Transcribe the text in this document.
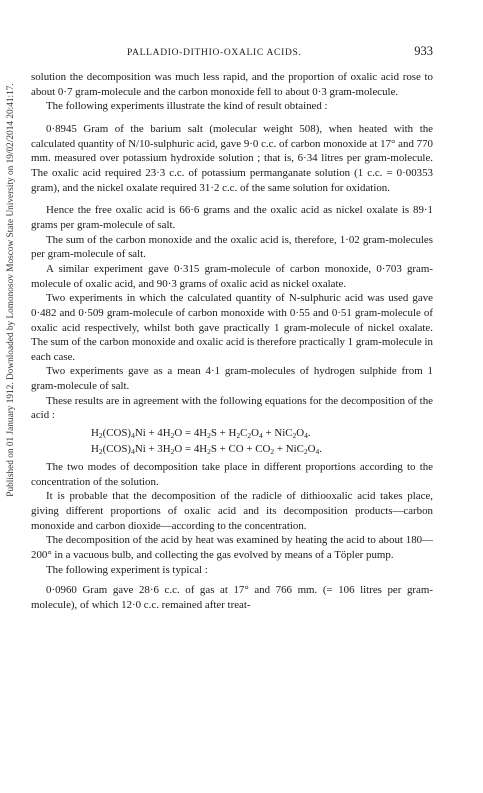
Published on 01 January 1912. Downloaded by Lomonosov Moscow State University on 19/02/2014 20:41:17.
PALLADIO-DITHIO-OXALIC ACIDS.	933

solution the decomposition was much less rapid, and the proportion of oxalic acid rose to about 0·7 gram-molecule and the carbon monoxide fell to about 0·3 gram-molecule.

The following experiments illustrate the kind of result obtained :

0·8945 Gram of the barium salt (molecular weight 508), when heated with the calculated quantity of N/10-sulphuric acid, gave 9·0 c.c. of carbon monoxide at 17° and 770 mm. measured over potassium hydroxide solution ; that is, 6·34 litres per gram-molecule. The oxalic acid required 23·3 c.c. of potassium permanganate solution (1 c.c. = 0·00353 gram), and the nickel oxalate required 31·2 c.c. of the same solution for oxidation.

Hence the free oxalic acid is 66·6 grams and the oxalic acid as nickel oxalate is 89·1 grams per gram-molecule of salt.

The sum of the carbon monoxide and the oxalic acid is, therefore, 1·02 gram-molecules per gram-molecule of salt.

A similar experiment gave 0·315 gram-molecule of carbon monoxide, 0·703 gram-molecule of oxalic acid, and 90·3 grams of oxalic acid as nickel oxalate.

Two experiments in which the calculated quantity of N-sulphuric acid was used gave 0·482 and 0·509 gram-molecule of carbon monoxide with 0·55 and 0·51 gram-molecule of oxalic acid respectively, whilst both gave practically 1 gram-molecule of nickel oxalate. The sum of the carbon monoxide and oxalic acid is therefore practically 1 gram-molecule in each case.

Two experiments gave as a mean 4·1 gram-molecules of hydrogen sulphide from 1 gram-molecule of salt.

These results are in agreement with the following equations for the decomposition of the acid :

$H_2(COS)_4Ni + 4H_2O = 4H_2S + H_2C_2O_4 + NiC_2O_4$.
$H_2(COS)_4Ni + 3H_2O = 4H_2S$ + CO + $CO_2 + NiC_2O_4$.

The two modes of decomposition take place in different proportions according to the concentration of the solution.

It is probable that the decomposition of the radicle of dithiooxalic acid takes place, giving different proportions of oxalic acid and its decomposition products—carbon monoxide and carbon dioxide—according to the concentration.

The decomposition of the acid by heat was examined by heating the acid to about 180—200° in a vacuous bulb, and collecting the gas evolved by means of a Töpler pump.

The following experiment is typical :

0·0960 Gram gave 28·6 c.c. of gas at 17° and 766 mm. (= 106 litres per gram-molecule), of which 12·0 c.c. remained after treat-
